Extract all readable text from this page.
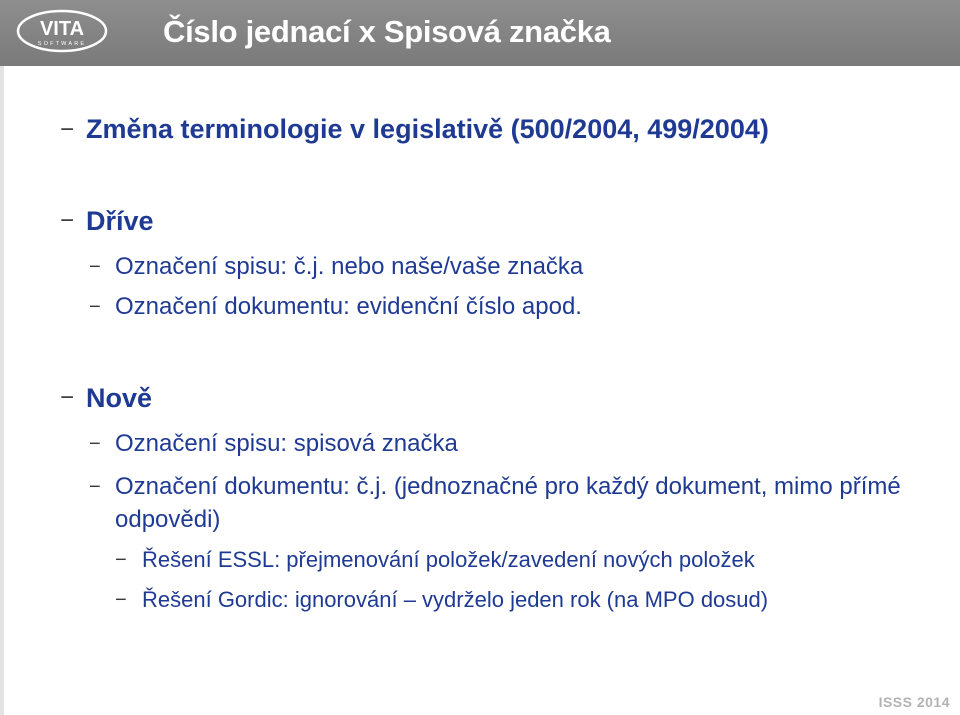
VITA
SOFTWARE Číslo jednací x Spisová značka
− Změna terminologie v legislativě (500/2004, 499/2004)
− Dříve
− Označení spisu: č.j. nebo naše/vaše značka
− Označení dokumentu: evidenční číslo apod.
− Nově
− Označení spisu: spisová značka
− Označení dokumentu: č.j. (jednoznačné pro každý dokument, mimo přímé
odpovědi)
− Řešení ESSL: přejmenování položek/zavedení nových položek
− Řešení Gordic: ignorování – vydrželo jeden rok (na MPO dosud)
ISSS 2014
